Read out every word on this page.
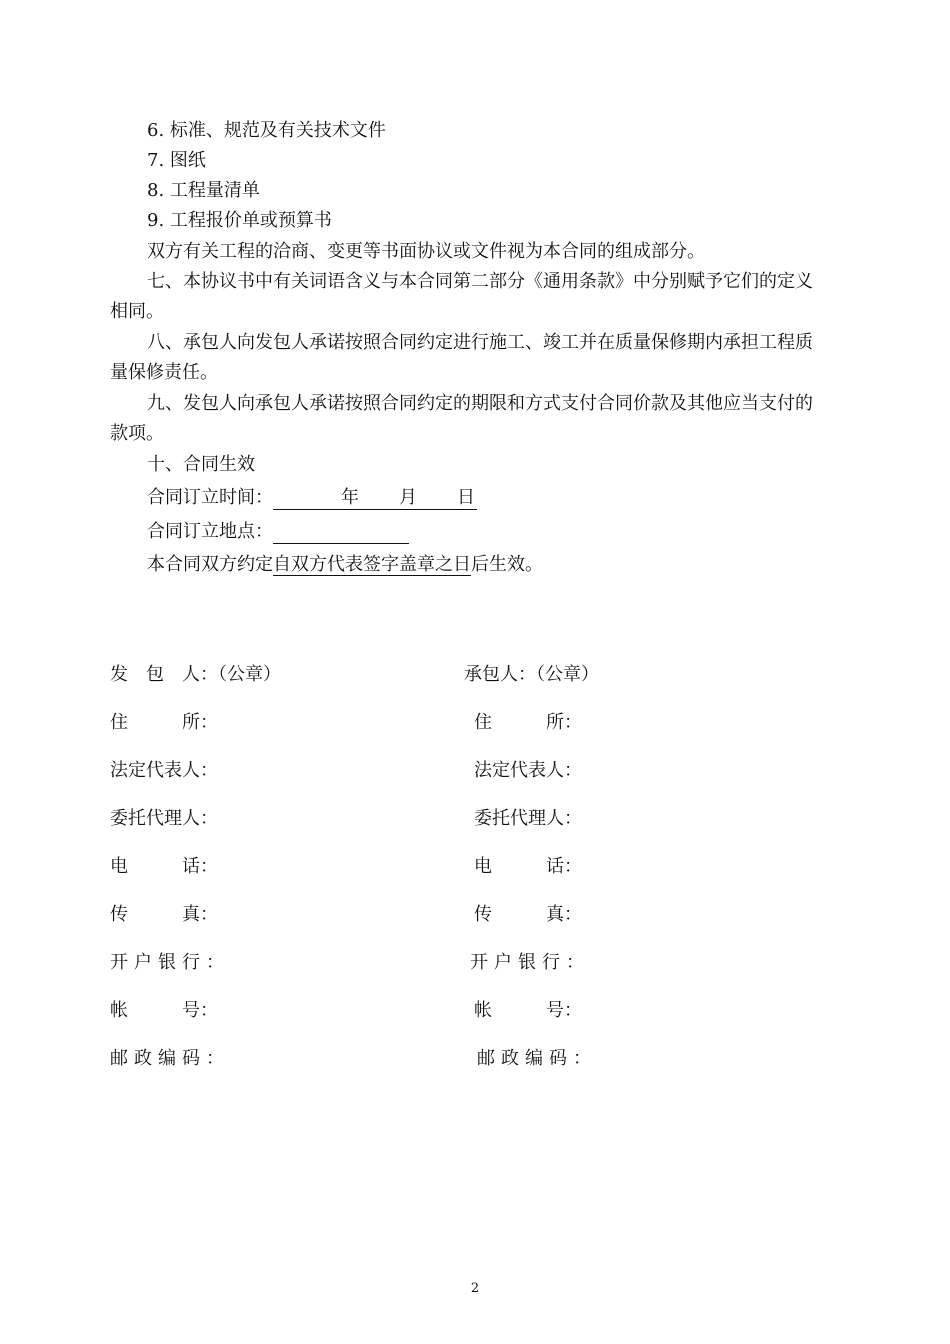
6. 标准、规范及有关技术文件
7. 图纸
8. 工程量清单
9. 工程报价单或预算书
双方有关工程的洽商、变更等书面协议或文件视为本合同的组成部分。
七、本协议书中有关词语含义与本合同第二部分《通用条款》中分别赋予它们的定义
相同。
八、承包人向发包人承诺按照合同约定进行施工、竣工并在质量保修期内承担工程质
量保修责任。
九、发包人向承包人承诺按照合同约定的期限和方式支付合同价款及其他应当支付的
款项。
十、合同生效
合同订立时间：	年 月 日
合同订立地点：
本合同双方约定自双方代表签字盖章之日后生效。
发　包　人：（公章）
住　　　所：
法定代表人：
委托代理人：
电　　　话：
传　　　真：
开户银行：
帐　　　号：
邮政编码：
承包人：（公章）
住　　　所：
法定代表人：
委托代理人：
电　　　话：
传　　　真：
开户银行：
帐　　　号：
邮政编码：
2
